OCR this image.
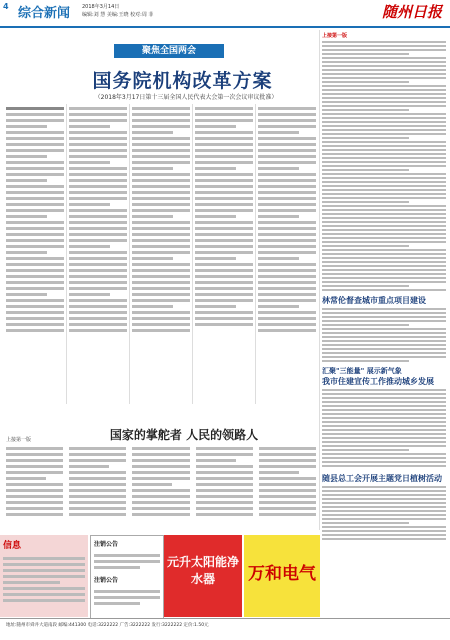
4 综合新闻 2018年3月14日
编辑:刘 慧 美编:王晓 校对:周 菲	随州日报
聚焦全国两会
国务院机构改革方案
（2018年3月17日第十三届全国人民代表大会第一次会议审议批准）
上接第一版
林常伦督查城市重点项目建设
汇聚"三能量" 展示新气象
我市住建宣传工作推动城乡发展
随县总工会开展主题党日植树活动
国家的掌舵者 人民的领路人
上接第一版
信息	注销公告
注销公告
元升太阳能净水器	万和电气
地址:随州市舜井大道南段 邮编:441300 电话:3222222 广告:3222222 发行:3222222 定价:1.50元
